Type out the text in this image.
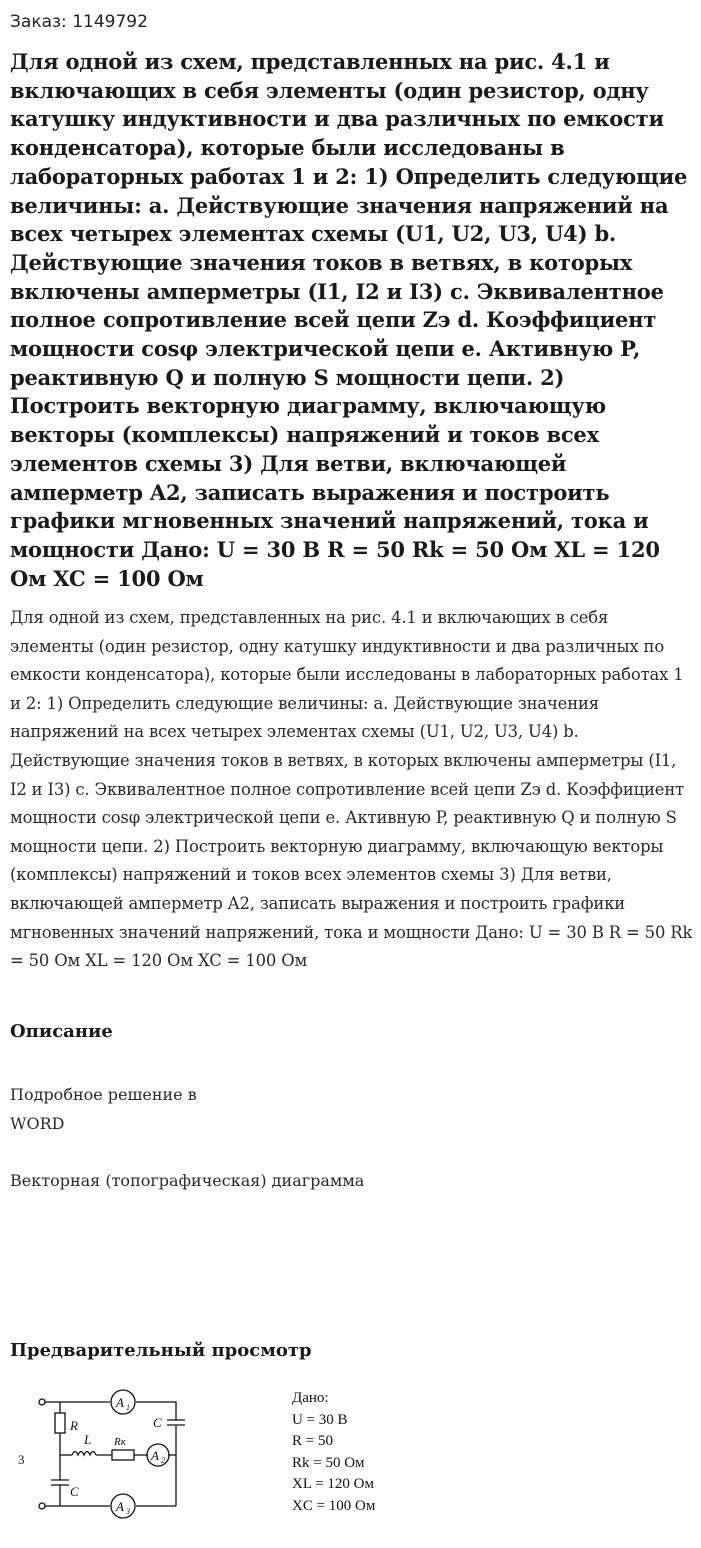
Заказ: 1149792
Для одной из схем, представленных на рис. 4.1 и включающих в себя элементы (один резистор, одну катушку индуктивности и два различных по емкости конденсатора), которые были исследованы в лабораторных работах 1 и 2: 1) Определить следующие величины: a. Действующие значения напряжений на всех четырех элементах схемы (U1, U2, U3, U4) b. Действующие значения токов в ветвях, в которых включены амперметры (I1, I2 и I3) c. Эквивалентное полное сопротивление всей цепи Zэ d. Коэффициент мощности cosφ электрической цепи e. Активную P, реактивную Q и полную S мощности цепи. 2) Построить векторную диаграмму, включающую векторы (комплексы) напряжений и токов всех элементов схемы 3) Для ветви, включающей амперметр A2, записать выражения и построить графики мгновенных значений напряжений, тока и мощности Дано: U = 30 В R = 50 Rk = 50 Ом XL = 120 Ом XC = 100 Ом

Для одной из схем, представленных на рис. 4.1 и включающих в себя элементы (один резистор, одну катушку индуктивности и два различных по емкости конденсатора), которые были исследованы в лабораторных работах 1 и 2: 1) Определить следующие величины: a. Действующие значения напряжений на всех четырех элементах схемы (U1, U2, U3, U4) b. Действующие значения токов в ветвях, в которых включены амперметры (I1, I2 и I3) c. Эквивалентное полное сопротивление всей цепи Zэ d. Коэффициент мощности cosφ электрической цепи e. Активную P, реактивную Q и полную S мощности цепи. 2) Построить векторную диаграмму, включающую векторы (комплексы) напряжений и токов всех элементов схемы 3) Для ветви, включающей амперметр A2, записать выражения и построить графики мгновенных значений напряжений, тока и мощности Дано: U = 30 В R = 50 Rk = 50 Ом XL = 120 Ом XC = 100 Ом

Описание
Подробное решение в
WORD
Векторная (топографическая) диаграмма
Предварительный просмотр
3
R
L Rк
C
C
A 1
A 2
A 3
Дано:
U = 30 В
R = 50
Rk = 50 Ом
XL = 120 Ом
XC = 100 Ом
